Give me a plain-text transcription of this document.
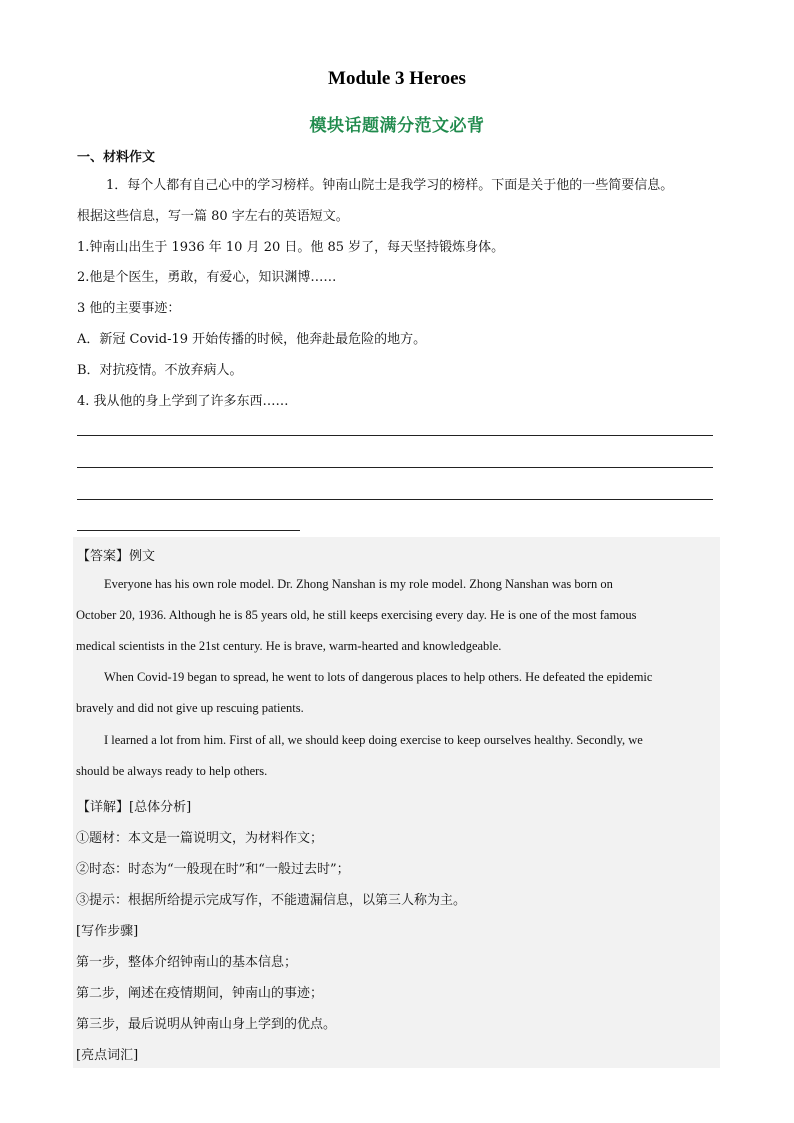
Module 3 Heroes
模块话题满分范文必背
一、材料作文
1．每个人都有自己心中的学习榜样。钟南山院士是我学习的榜样。下面是关于他的一些简要信息。
根据这些信息，写一篇 80 字左右的英语短文。
1.钟南山出生于 1936 年 10 月 20 日。他 85 岁了，每天坚持锻炼身体。
2.他是个医生，勇敢，有爱心，知识渊博……
3 他的主要事迹：
A．新冠 Covid-19 开始传播的时候，他奔赴最危险的地方。
B．对抗疫情。不放弃病人。
4. 我从他的身上学到了许多东西……
【答案】例文
Everyone has his own role model. Dr. Zhong Nanshan is my role model. Zhong Nanshan was born on
October 20, 1936. Although he is 85 years old, he still keeps exercising every day. He is one of the most famous
medical scientists in the 21st century. He is brave, warm-hearted and knowledgeable.
When Covid-19 began to spread, he went to lots of dangerous places to help others. He defeated the epidemic
bravely and did not give up rescuing patients.
I learned a lot from him. First of all, we should keep doing exercise to keep ourselves healthy. Secondly, we
should be always ready to help others.
【详解】[总体分析]
①题材：本文是一篇说明文，为材料作文；
②时态：时态为“一般现在时”和“一般过去时”；
③提示：根据所给提示完成写作，不能遗漏信息，以第三人称为主。
[写作步骤]
第一步，整体介绍钟南山的基本信息；
第二步，阐述在疫情期间，钟南山的事迹；
第三步，最后说明从钟南山身上学到的优点。
[亮点词汇]
